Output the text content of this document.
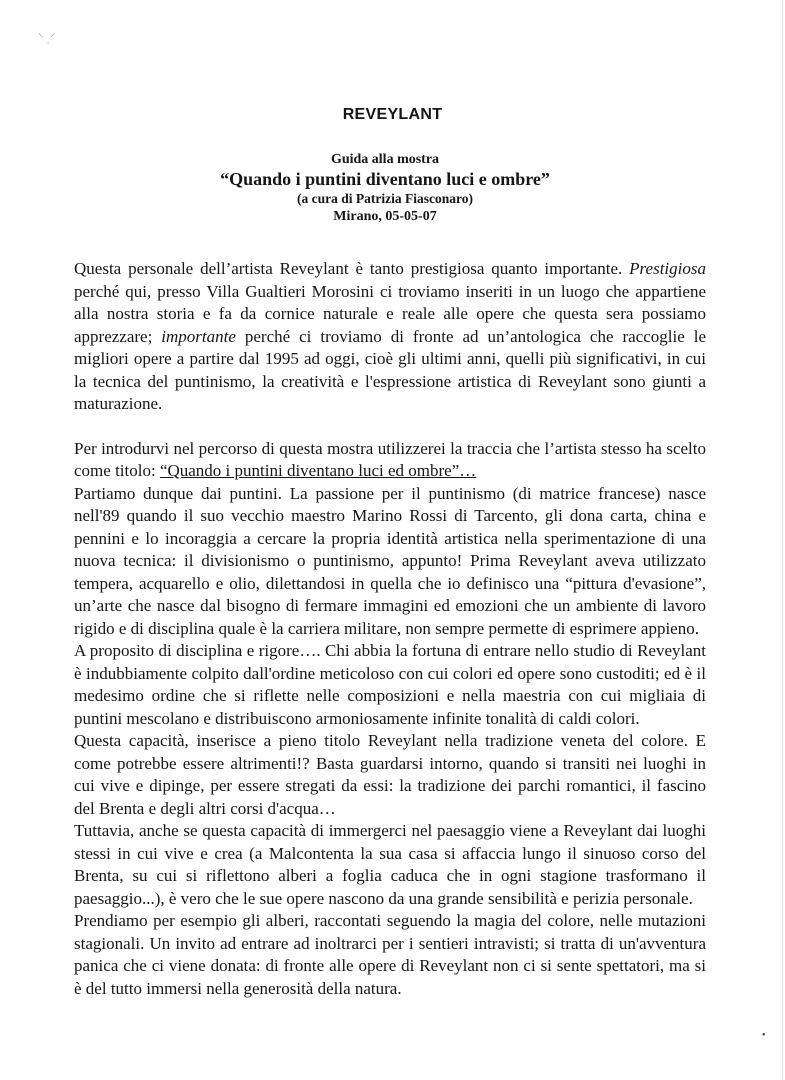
⸌ ˌ⸍
•
REVEYLANT
Guida alla mostra
“Quando i puntini diventano luci e ombre”
(a cura di Patrizia Fiasconaro)
Mirano, 05-05-07

Questa personale dell’artista Reveylant è tanto prestigiosa quanto importante. Prestigiosa perché qui, presso Villa Gualtieri Morosini ci troviamo inseriti in un luogo che appartiene alla nostra storia e fa da cornice naturale e reale alle opere che questa sera possiamo apprezzare; importante perché ci troviamo di fronte ad un’antologica che raccoglie le migliori opere a partire dal 1995 ad oggi, cioè gli ultimi anni, quelli più significativi, in cui la tecnica del puntinismo, la creatività e l'espressione artistica di Reveylant sono giunti a maturazione.

Per introdurvi nel percorso di questa mostra utilizzerei la traccia che l’artista stesso ha scelto come titolo: “Quando i puntini diventano luci ed ombre”…

Partiamo dunque dai puntini. La passione per il puntinismo (di matrice francese) nasce nell'89 quando il suo vecchio maestro Marino Rossi di Tarcento, gli dona carta, china e pennini e lo incoraggia a cercare la propria identità artistica nella sperimentazione di una nuova tecnica: il divisionismo o puntinismo, appunto! Prima Reveylant aveva utilizzato tempera, acquarello e olio, dilettandosi in quella che io definisco una “pittura d'evasione”, un’arte che nasce dal bisogno di fermare immagini ed emozioni che un ambiente di lavoro rigido e di disciplina quale è la carriera militare, non sempre permette di esprimere appieno.

A proposito di disciplina e rigore…. Chi abbia la fortuna di entrare nello studio di Reveylant è indubbiamente colpito dall'ordine meticoloso con cui colori ed opere sono custoditi; ed è il medesimo ordine che si riflette nelle composizioni e nella maestria con cui migliaia di puntini mescolano e distribuiscono armoniosamente infinite tonalità di caldi colori.

Questa capacità, inserisce a pieno titolo Reveylant nella tradizione veneta del colore. E come potrebbe essere altrimenti!? Basta guardarsi intorno, quando si transiti nei luoghi in cui vive e dipinge, per essere stregati da essi: la tradizione dei parchi romantici, il fascino del Brenta e degli altri corsi d'acqua…

Tuttavia, anche se questa capacità di immergerci nel paesaggio viene a Reveylant dai luoghi stessi in cui vive e crea (a Malcontenta la sua casa si affaccia lungo il sinuoso corso del Brenta, su cui si riflettono alberi a foglia caduca che in ogni stagione trasformano il paesaggio...), è vero che le sue opere nascono da una grande sensibilità e perizia personale.

Prendiamo per esempio gli alberi, raccontati seguendo la magia del colore, nelle mutazioni stagionali. Un invito ad entrare ad inoltrarci per i sentieri intravisti; si tratta di un'avventura panica che ci viene donata: di fronte alle opere di Reveylant non ci si sente spettatori, ma si è del tutto immersi nella generosità della natura.
